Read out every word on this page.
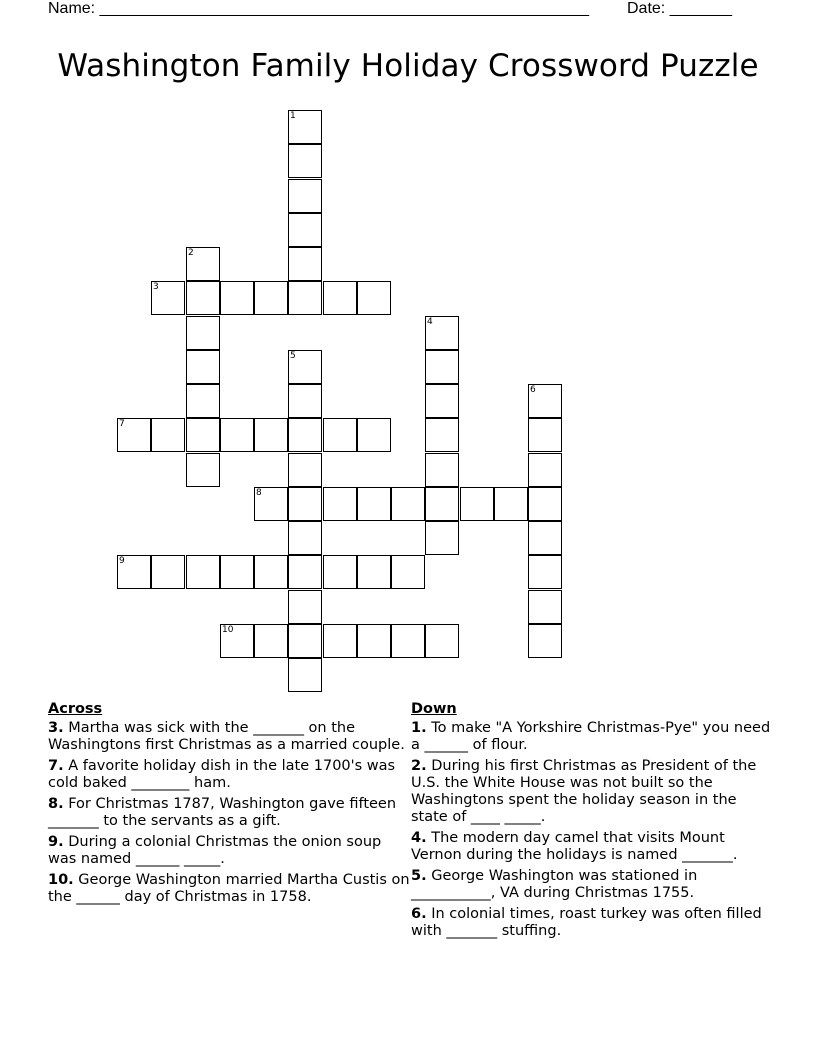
Name: _______________________________________________________ Date: _______
Washington Family Holiday Crossword Puzzle
1
2
3
4
5
6
7
8
9
10
Across
3. Martha was sick with the _______ on the Washingtons first Christmas as a married couple.
7. A favorite holiday dish in the late 1700's was cold baked ________ ham.
8. For Christmas 1787, Washington gave fifteen _______ to the servants as a gift.
9. During a colonial Christmas the onion soup was named ______ _____.
10. George Washington married Martha Custis on the ______ day of Christmas in 1758.
Down
1. To make "A Yorkshire Christmas-Pye" you need a ______ of flour.
2. During his first Christmas as President of the U.S. the White House was not built so the Washingtons spent the holiday season in the state of ____ _____.
4. The modern day camel that visits Mount Vernon during the holidays is named _______.
5. George Washington was stationed in ___________, VA during Christmas 1755.
6. In colonial times, roast turkey was often filled with _______ stuffing.
